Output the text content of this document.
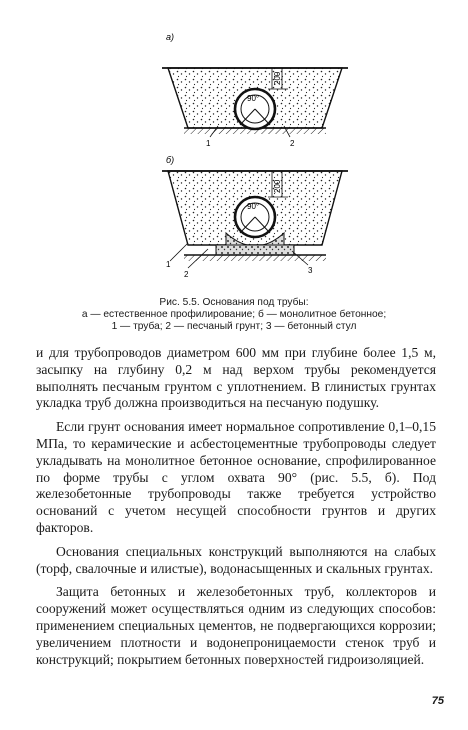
а)
90°
200
1	2
б)
90°
200
1
2	3
Рис. 5.5. Основания под трубы:
а — естественное профилирование; б — монолитное бетонное;
1 — труба; 2 — песчаный грунт; 3 — бетонный стул

и для трубопроводов диаметром 600 мм при глубине более 1,5 м, засыпку на глубину 0,2 м над верхом трубы рекомендуется выполнять песчаным грунтом с уплотнением. В глинистых грунтах укладка труб должна производиться на песчаную подушку.

Если грунт основания имеет нормальное сопротивление 0,1–0,15 МПа, то керамические и асбестоцементные трубопроводы следует укладывать на монолитное бетонное основание, спрофилированное по форме трубы с углом охвата 90° (рис. 5.5, б). Под железобетонные трубопроводы также требуется устройство оснований с учетом несущей способности грунтов и других факторов.

Основания специальных конструкций выполняются на слабых (торф, свалочные и илистые), водонасыщенных и скальных грунтах.

Защита бетонных и железобетонных труб, коллекторов и сооружений может осуществляться одним из следующих способов: применением специальных цементов, не подвергающихся коррозии; увеличением плотности и водонепроницаемости стенок труб и конструкций; покрытием бетонных поверхностей гидроизоляцией.

75
